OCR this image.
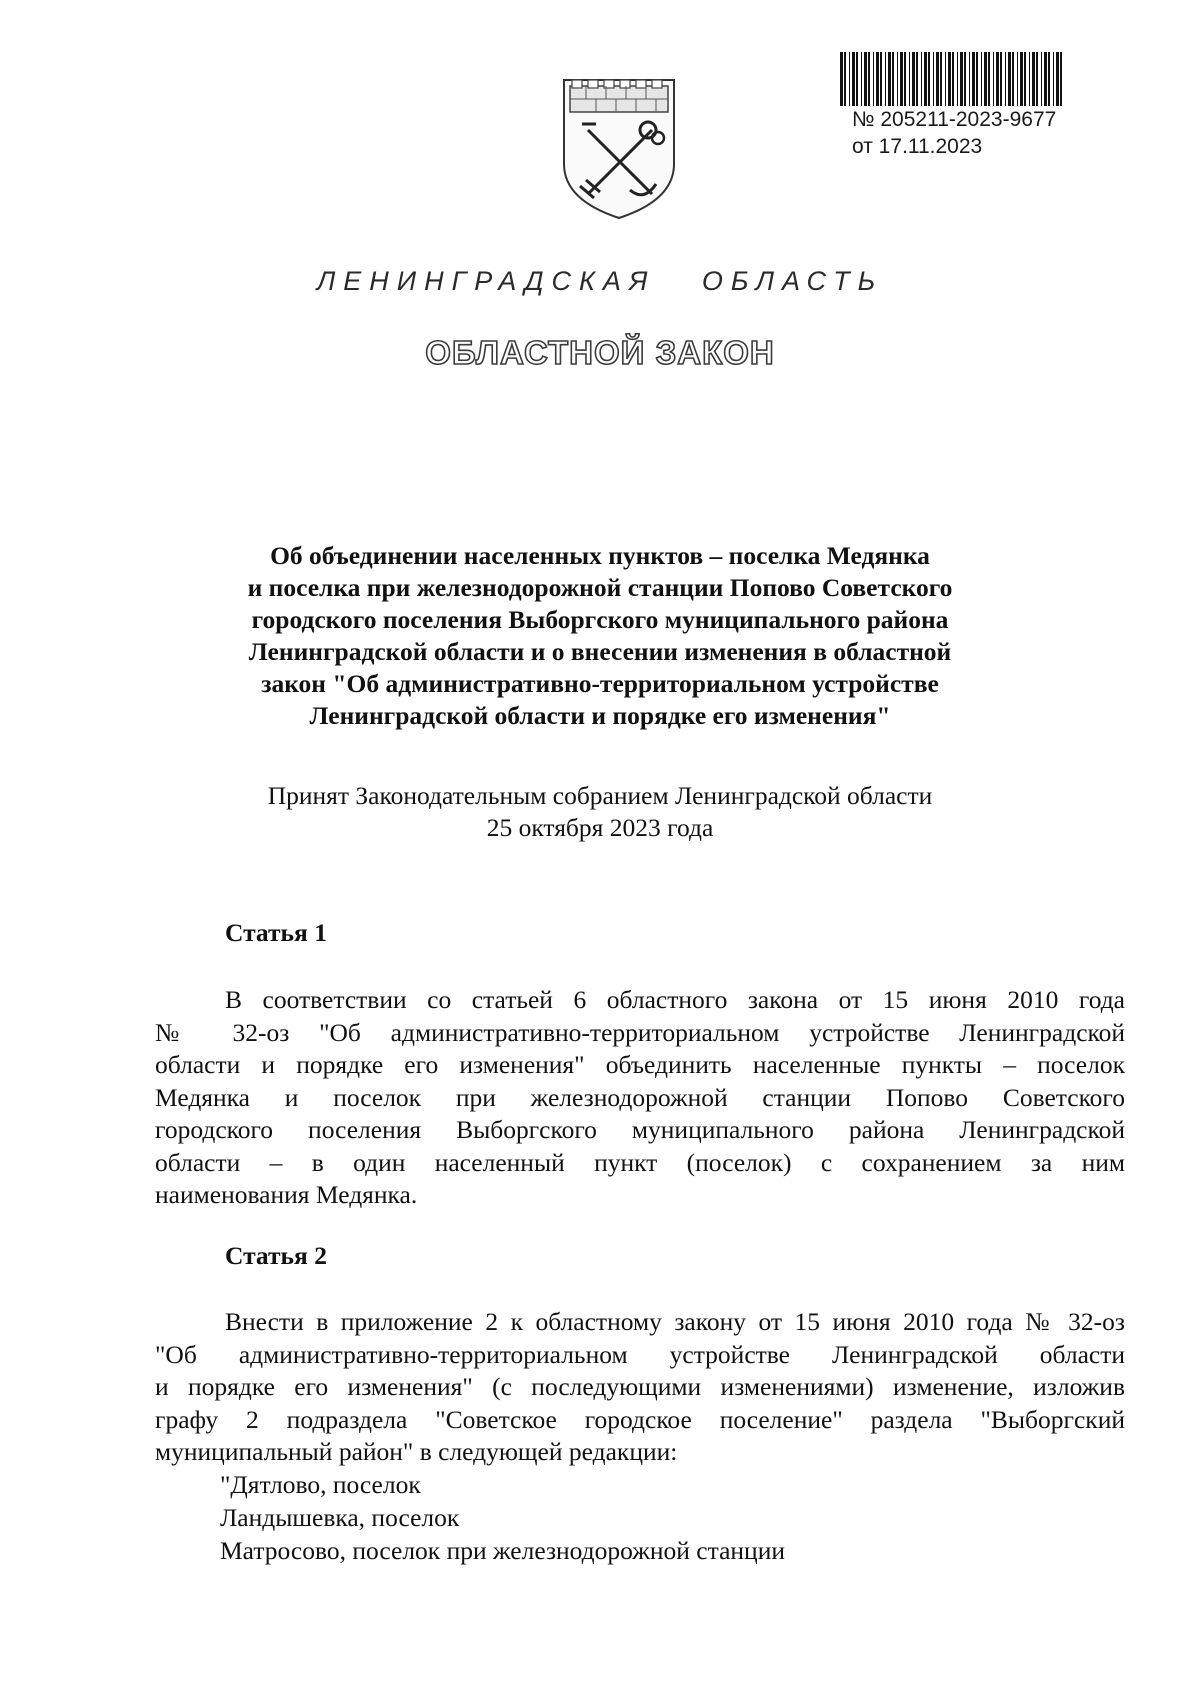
№ 205211-2023-9677
от 17.11.2023
ЛЕНИНГРАДСКАЯ   ОБЛАСТЬ
ОБЛАСТНОЙ ЗАКОН
Об объединении населенных пунктов – поселка Медянка
и поселка при железнодорожной станции Попово Советского
городского поселения Выборгского муниципального района
Ленинградской области и о внесении изменения в областной
закон "Об административно-территориальном устройстве
Ленинградской области и порядке его изменения"
Принят Законодательным собранием Ленинградской области
25 октября 2023 года
Статья 1
В соответствии со статьей 6 областного закона от 15 июня 2010 года
№ 32-оз "Об административно-территориальном устройстве Ленинградской
области и порядке его изменения" объединить населенные пункты – поселок
Медянка и поселок при железнодорожной станции Попово Советского
городского поселения Выборгского муниципального района Ленинградской
области – в один населенный пункт (поселок) с сохранением за ним
наименования Медянка.
Статья 2
Внести в приложение 2 к областному закону от 15 июня 2010 года № 32-оз
"Об административно-территориальном устройстве Ленинградской области
и порядке его изменения" (с последующими изменениями) изменение, изложив
графу 2 подраздела "Советское городское поселение" раздела "Выборгский
муниципальный район" в следующей редакции:
"Дятлово, поселок
Ландышевка, поселок
Матросово, поселок при железнодорожной станции
